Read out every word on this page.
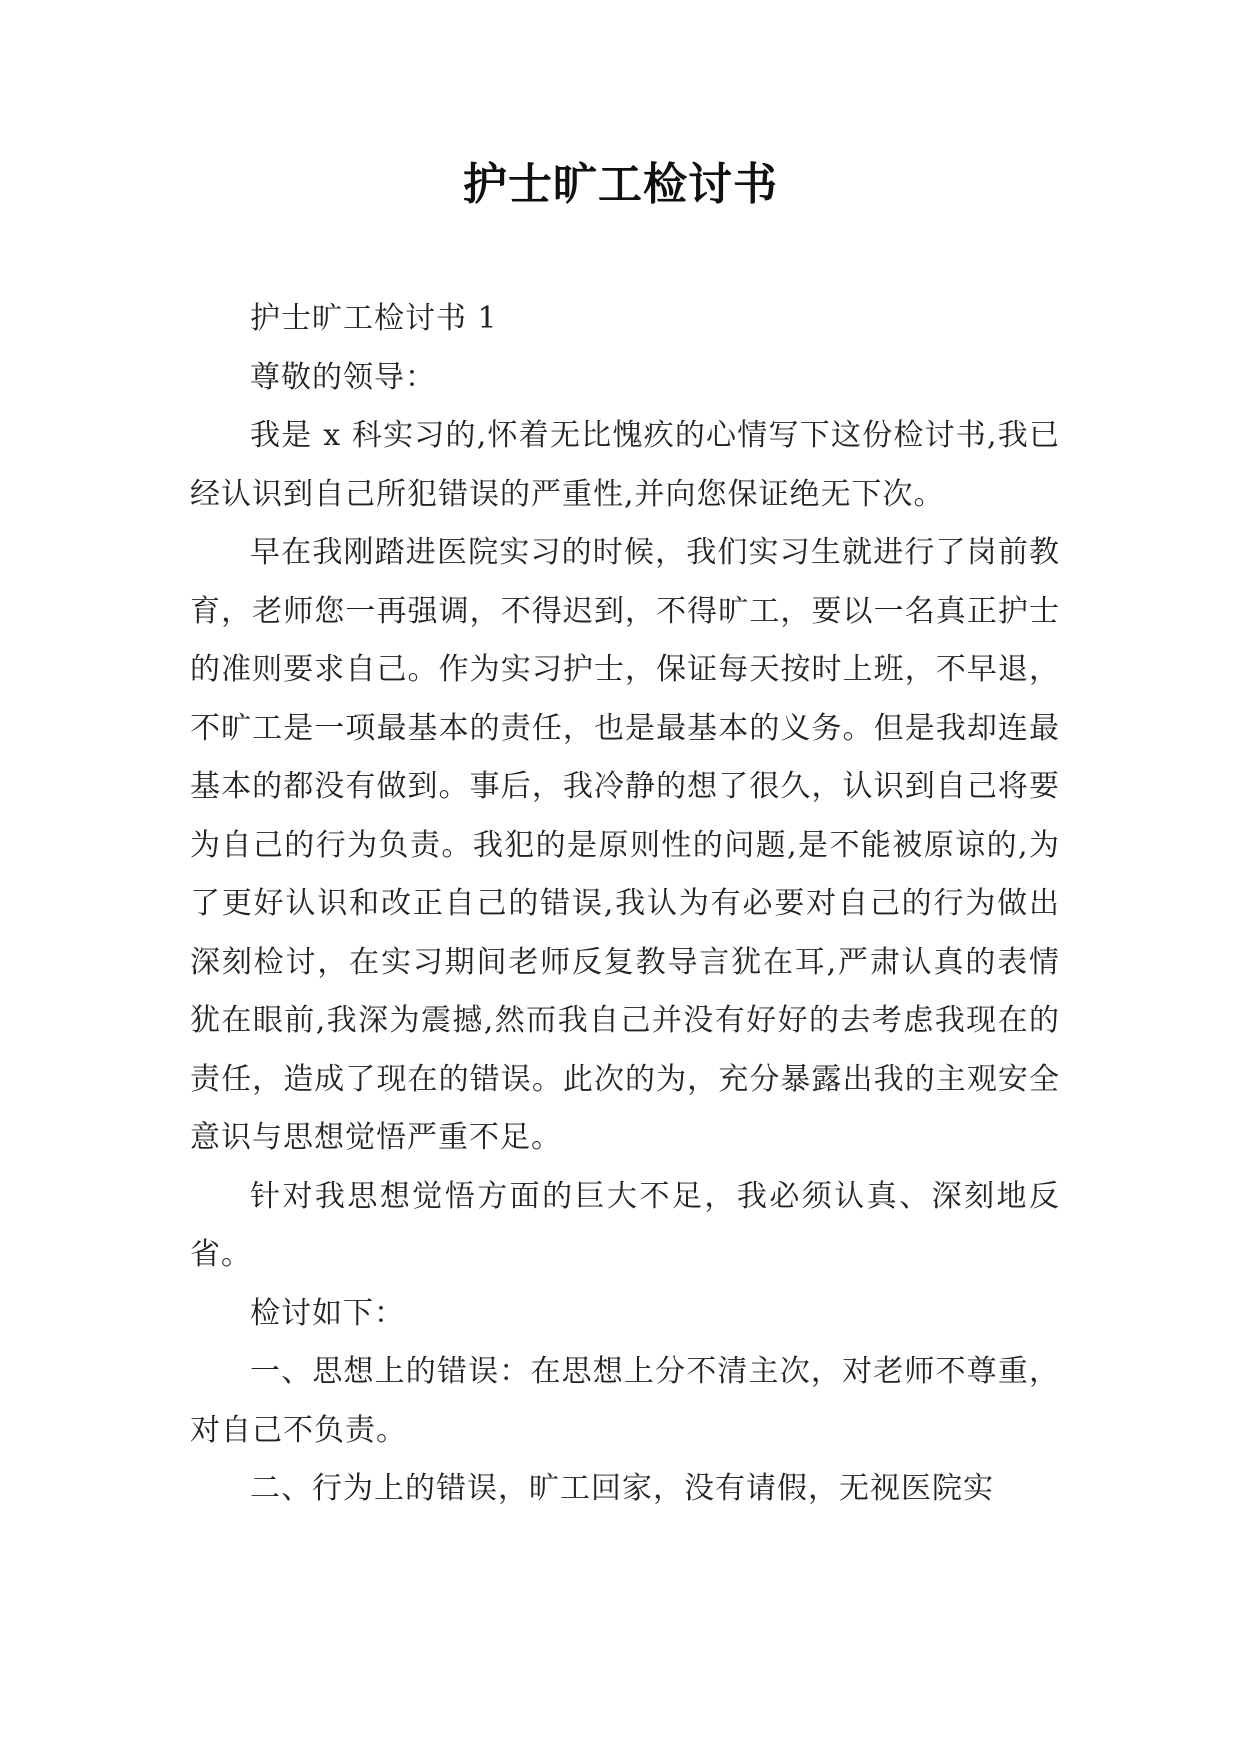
护士旷工检讨书

护士旷工检讨书 1

尊敬的领导：

我是 x 科实习的,怀着无比愧疚的心情写下这份检讨书,我已经认识到自己所犯错误的严重性,并向您保证绝无下次。

早在我刚踏进医院实习的时候，我们实习生就进行了岗前教育，老师您一再强调，不得迟到，不得旷工，要以一名真正护士的准则要求自己。作为实习护士，保证每天按时上班，不早退，不旷工是一项最基本的责任，也是最基本的义务。但是我却连最基本的都没有做到。事后，我冷静的想了很久，认识到自己将要为自己的行为负责。我犯的是原则性的问题,是不能被原谅的,为了更好认识和改正自己的错误,我认为有必要对自己的行为做出深刻检讨，在实习期间老师反复教导言犹在耳,严肃认真的表情犹在眼前,我深为震撼,然而我自己并没有好好的去考虑我现在的责任，造成了现在的错误。此次的为，充分暴露出我的主观安全意识与思想觉悟严重不足。

针对我思想觉悟方面的巨大不足，我必须认真、深刻地反省。

检讨如下：

一、思想上的错误：在思想上分不清主次，对老师不尊重，对自己不负责。

二、行为上的错误，旷工回家，没有请假，无视医院实
